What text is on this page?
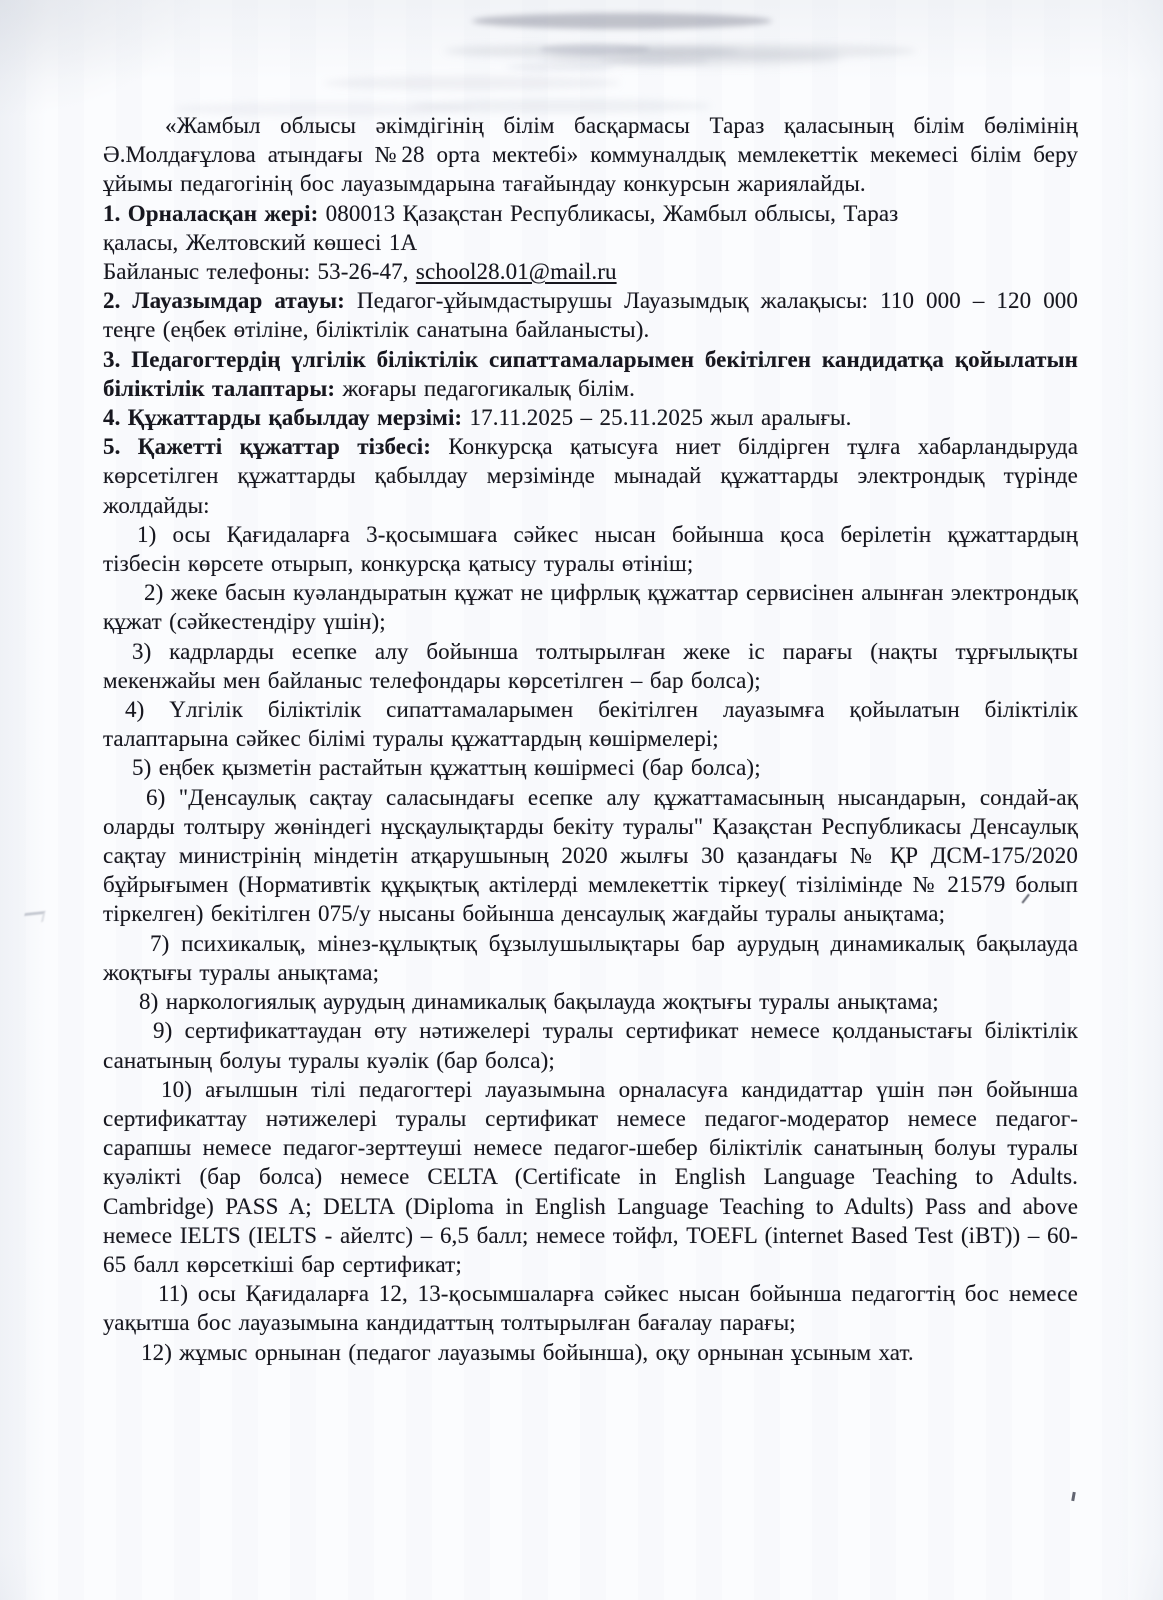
«Жамбыл облысы әкімдігінің білім басқармасы Тараз қаласының білім бөлімінің Ә.Молдағұлова атындағы №28 орта мектебі» коммуналдық мемлекеттік мекемесі білім беру ұйымы педагогінің бос лауазымдарына тағайындау конкурсын жариялайды.

1. Орналасқан жері: 080013 Қазақстан Республикасы, Жамбыл облысы, Тараз

қаласы, Желтовский көшесі 1А

Байланыс телефоны: 53-26-47, school28.01@mail.ru

2. Лауазымдар атауы: Педагог-ұйымдастырушы Лауазымдық жалақысы: 110 000 – 120 000 теңге (еңбек өтіліне, біліктілік санатына байланысты).

3. Педагогтердің үлгілік біліктілік сипаттамаларымен бекітілген кандидатқа қойылатын біліктілік талаптары: жоғары педагогикалық білім.

4. Құжаттарды қабылдау мерзімі: 17.11.2025 – 25.11.2025 жыл аралығы.

5. Қажетті құжаттар тізбесі: Конкурсқа қатысуға ниет білдірген тұлға хабарландыруда көрсетілген құжаттарды қабылдау мерзімінде мынадай құжаттарды электрондық түрінде жолдайды:

1) осы Қағидаларға 3-қосымшаға сәйкес нысан бойынша қоса берілетін құжаттардың тізбесін көрсете отырып, конкурсқа қатысу туралы өтініш;

2) жеке басын куәландыратын құжат не цифрлық құжаттар сервисінен алынған электрондық құжат (сәйкестендіру үшін);

3) кадрларды есепке алу бойынша толтырылған жеке іс парағы (нақты тұрғылықты мекенжайы мен байланыс телефондары көрсетілген – бар болса);

4) Үлгілік біліктілік сипаттамаларымен бекітілген лауазымға қойылатын біліктілік талаптарына сәйкес білімі туралы құжаттардың көшірмелері;

5) еңбек қызметін растайтын құжаттың көшірмесі (бар болса);

6) "Денсаулық сақтау саласындағы есепке алу құжаттамасының нысандарын, сондай-ақ оларды толтыру жөніндегі нұсқаулықтарды бекіту туралы" Қазақстан Республикасы Денсаулық сақтау министрінің міндетін атқарушының 2020 жылғы 30 қазандағы № ҚР ДСМ-175/2020 бұйрығымен (Нормативтік құқықтық актілерді мемлекеттік тіркеу( тізілімінде № 21579 болып тіркелген) бекітілген 075/у нысаны бойынша денсаулық жағдайы туралы анықтама;

7) психикалық, мінез-құлықтық бұзылушылықтары бар аурудың динамикалық бақылауда жоқтығы туралы анықтама;

8) наркологиялық аурудың динамикалық бақылауда жоқтығы туралы анықтама;

9) сертификаттаудан өту нәтижелері туралы сертификат немесе қолданыстағы біліктілік санатының болуы туралы куәлік (бар болса);

10) ағылшын тілі педагогтері лауазымына орналасуға кандидаттар үшін пән бойынша сертификаттау нәтижелері туралы сертификат немесе педагог-модератор немесе педагог-сарапшы немесе педагог-зерттеуші немесе педагог-шебер біліктілік санатының болуы туралы куәлікті (бар болса) немесе CELTA (Certificate in English Language Teaching to Adults. Cambridge) PASS A; DELTA (Diploma in English Language Teaching to Adults) Pass and above немесе IELTS (IELTS - айелтс) – 6,5 балл; немесе тойфл, TOEFL (internet Based Test (iBT)) – 60-65 балл көрсеткіші бар сертификат;

11) осы Қағидаларға 12, 13-қосымшаларға сәйкес нысан бойынша педагогтің бос немесе уақытша бос лауазымына кандидаттың толтырылған бағалау парағы;

12) жұмыс орнынан (педагог лауазымы бойынша), оқу орнынан ұсыным хат.
